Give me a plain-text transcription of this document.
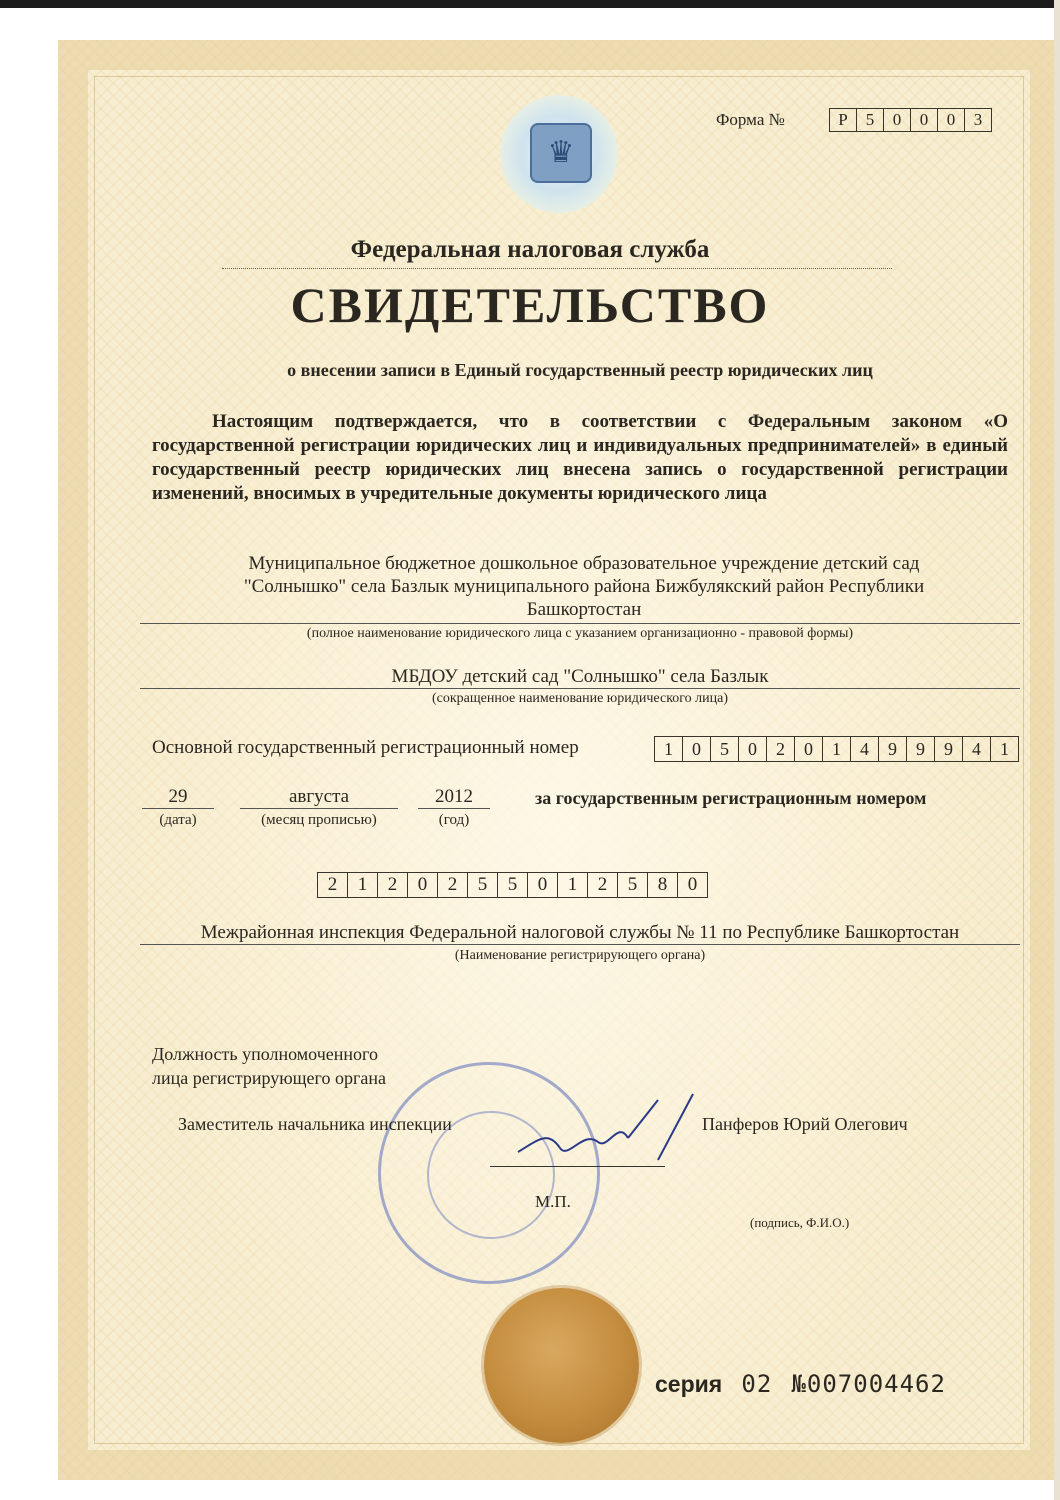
♛
Форма №	Р	5	0	0	0	3
Федеральная налоговая служба
СВИДЕТЕЛЬСТВО
о внесении записи в Единый государственный реестр юридических лиц
Настоящим подтверждается, что в соответствии с Федеральным законом «О государственной регистрации юридических лиц и индивидуальных предпринимателей» в единый государственный реестр юридических лиц внесена запись о государственной регистрации изменений, вносимых в учредительные документы юридического лица
Муниципальное бюджетное дошкольное образовательное учреждение детский сад
"Солнышко" села Базлык муниципального района Бижбулякский район Республики
Башкортостан
(полное наименование юридического лица с указанием организационно - правовой формы)
МБДОУ детский сад "Солнышко" села Базлык
(сокращенное наименование юридического лица)
Основной государственный регистрационный номер	1	0	5	0	2	0	1	4	9	9	9	4	1
29
(дата)
августа
(месяц прописью)
2012
(год)
за государственным регистрационным номером
2	1	2	0	2	5	5	0	1	2	5	8	0
Межрайонная инспекция Федеральной налоговой службы № 11 по Республике Башкортостан
(Наименование регистрирующего органа)
Должность уполномоченного
лица регистрирующего органа
Заместитель начальника инспекции
М.П.
Панферов Юрий Олегович
(подпись, Ф.И.О.)
серия 02 №007004462
